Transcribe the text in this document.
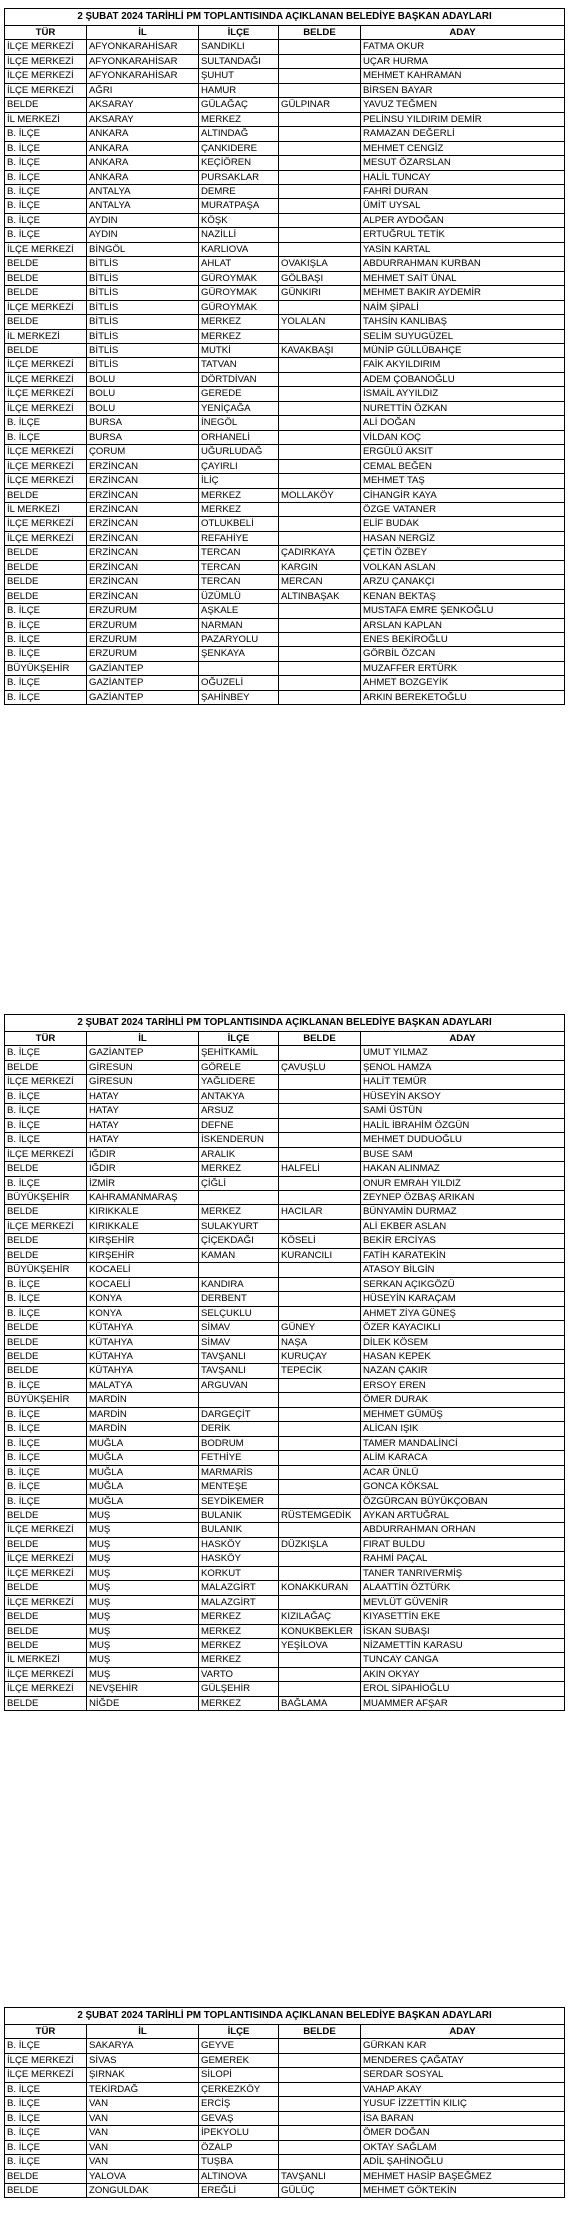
2 ŞUBAT 2024 TARİHLİ PM TOPLANTISINDA AÇIKLANAN BELEDİYE BAŞKAN ADAYLARI				
TÜR	İL	İLÇE	BELDE	ADAY
İLÇE MERKEZİ	AFYONKARAHİSAR	SANDIKLI		FATMA OKUR
İLÇE MERKEZİ	AFYONKARAHİSAR	SULTANDAĞI		UÇAR HURMA
İLÇE MERKEZİ	AFYONKARAHİSAR	ŞUHUT		MEHMET KAHRAMAN
İLÇE MERKEZİ	AĞRI	HAMUR		BİRSEN BAYAR
BELDE	AKSARAY	GÜLAĞAÇ	GÜLPINAR	YAVUZ TEĞMEN
İL MERKEZİ	AKSARAY	MERKEZ		PELİNSU YILDIRIM DEMİR
B. İLÇE	ANKARA	ALTINDAĞ		RAMAZAN DEĞERLİ
B. İLÇE	ANKARA	ÇANKIDERE		MEHMET CENGİZ
B. İLÇE	ANKARA	KEÇİÖREN		MESUT ÖZARSLAN
B. İLÇE	ANKARA	PURSAKLAR		HALİL TUNCAY
B. İLÇE	ANTALYA	DEMRE		FAHRİ DURAN
B. İLÇE	ANTALYA	MURATPAŞA		ÜMİT UYSAL
B. İLÇE	AYDIN	KÖŞK		ALPER AYDOĞAN
B. İLÇE	AYDIN	NAZİLLİ		ERTUĞRUL TETİK
İLÇE MERKEZİ	BİNGÖL	KARLIOVA		YASİN KARTAL
BELDE	BİTLİS	AHLAT	OVAKIŞLA	ABDURRAHMAN KURBAN
BELDE	BİTLİS	GÜROYMAK	GÖLBAŞI	MEHMET SAİT ÜNAL
BELDE	BİTLİS	GÜROYMAK	GÜNKIRI	MEHMET BAKIR AYDEMİR
İLÇE MERKEZİ	BİTLİS	GÜROYMAK		NAİM ŞİPALİ
BELDE	BİTLİS	MERKEZ	YOLALAN	TAHSİN KANLIBAŞ
İL MERKEZİ	BİTLİS	MERKEZ		SELİM SUYUGÜZEL
BELDE	BİTLİS	MUTKİ	KAVAKBAŞI	MÜNİP GÜLLÜBAHÇE
İLÇE MERKEZİ	BİTLİS	TATVAN		FAİK AKYILDIRIM
İLÇE MERKEZİ	BOLU	DÖRTDİVAN		ADEM ÇOBANOĞLU
İLÇE MERKEZİ	BOLU	GEREDE		İSMAİL AYYILDIZ
İLÇE MERKEZİ	BOLU	YENİÇAĞA		NURETTİN ÖZKAN
B. İLÇE	BURSA	İNEGÖL		ALİ DOĞAN
B. İLÇE	BURSA	ORHANELİ		VİLDAN KOÇ
İLÇE MERKEZİ	ÇORUM	UĞURLUDAĞ		ERGÜLÜ AKSIT
İLÇE MERKEZİ	ERZİNCAN	ÇAYIRLI		CEMAL BEĞEN
İLÇE MERKEZİ	ERZİNCAN	İLİÇ		MEHMET TAŞ
BELDE	ERZİNCAN	MERKEZ	MOLLAKÖY	CİHANGİR KAYA
İL MERKEZİ	ERZİNCAN	MERKEZ		ÖZGE VATANER
İLÇE MERKEZİ	ERZİNCAN	OTLUKBELİ		ELİF BUDAK
İLÇE MERKEZİ	ERZİNCAN	REFAHİYE		HASAN NERGİZ
BELDE	ERZİNCAN	TERCAN	ÇADIRKAYA	ÇETİN ÖZBEY
BELDE	ERZİNCAN	TERCAN	KARGIN	VOLKAN ASLAN
BELDE	ERZİNCAN	TERCAN	MERCAN	ARZU ÇANAKÇI
BELDE	ERZİNCAN	ÜZÜMLÜ	ALTINBAŞAK	KENAN BEKTAŞ
B. İLÇE	ERZURUM	AŞKALE		MUSTAFA EMRE ŞENKOĞLU
B. İLÇE	ERZURUM	NARMAN		ARSLAN KAPLAN
B. İLÇE	ERZURUM	PAZARYOLU		ENES BEKİROĞLU
B. İLÇE	ERZURUM	ŞENKAYA		GÖRBİL ÖZCAN
BÜYÜKŞEHİR	GAZİANTEP			MUZAFFER ERTÜRK
B. İLÇE	GAZİANTEP	OĞUZELİ		AHMET BOZGEYİK
B. İLÇE	GAZİANTEP	ŞAHİNBEY		ARKIN BEREKETOĞLU
2 ŞUBAT 2024 TARİHLİ PM TOPLANTISINDA AÇIKLANAN BELEDİYE BAŞKAN ADAYLARI				
TÜR	İL	İLÇE	BELDE	ADAY
B. İLÇE	GAZİANTEP	ŞEHİTKAMİL		UMUT YILMAZ
BELDE	GİRESUN	GÖRELE	ÇAVUŞLU	ŞENOL HAMZA
İLÇE MERKEZİ	GİRESUN	YAĞLIDERE		HALİT TEMÜR
B. İLÇE	HATAY	ANTAKYA		HÜSEYİN AKSOY
B. İLÇE	HATAY	ARSUZ		SAMİ ÜSTÜN
B. İLÇE	HATAY	DEFNE		HALİL İBRAHİM ÖZGÜN
B. İLÇE	HATAY	İSKENDERUN		MEHMET DUDUOĞLU
İLÇE MERKEZİ	IĞDIR	ARALIK		BUSE SAM
BELDE	IĞDIR	MERKEZ	HALFELİ	HAKAN ALINMAZ
B. İLÇE	İZMİR	ÇİĞLİ		ONUR EMRAH YILDIZ
BÜYÜKŞEHİR	KAHRAMANMARAŞ			ZEYNEP ÖZBAŞ ARIKAN
BELDE	KIRIKKALE	MERKEZ	HACILAR	BÜNYAMİN DURMAZ
İLÇE MERKEZİ	KIRIKKALE	SULAKYURT		ALİ EKBER ASLAN
BELDE	KIRŞEHİR	ÇİÇEKDAĞI	KÖSELİ	BEKİR ERCİYAS
BELDE	KIRŞEHİR	KAMAN	KURANCILI	FATİH KARATEKİN
BÜYÜKŞEHİR	KOCAELİ			ATASOY BİLGİN
B. İLÇE	KOCAELİ	KANDIRA		SERKAN AÇIKGÖZÜ
B. İLÇE	KONYA	DERBENT		HÜSEYİN KARAÇAM
B. İLÇE	KONYA	SELÇUKLU		AHMET ZİYA GÜNEŞ
BELDE	KÜTAHYA	SİMAV	GÜNEY	ÖZER KAYACIKLI
BELDE	KÜTAHYA	SİMAV	NAŞA	DİLEK KÖSEM
BELDE	KÜTAHYA	TAVŞANLI	KURUÇAY	HASAN KEPEK
BELDE	KÜTAHYA	TAVŞANLI	TEPECİK	NAZAN ÇAKIR
B. İLÇE	MALATYA	ARGUVAN		ERSOY EREN
BÜYÜKŞEHİR	MARDİN			ÖMER DURAK
B. İLÇE	MARDİN	DARGEÇİT		MEHMET GÜMÜŞ
B. İLÇE	MARDİN	DERİK		ALİCAN IŞIK
B. İLÇE	MUĞLA	BODRUM		TAMER MANDALİNCİ
B. İLÇE	MUĞLA	FETHİYE		ALİM KARACA
B. İLÇE	MUĞLA	MARMARİS		ACAR ÜNLÜ
B. İLÇE	MUĞLA	MENTEŞE		GONCA KÖKSAL
B. İLÇE	MUĞLA	SEYDİKEMER		ÖZGÜRCAN BÜYÜKÇOBAN
BELDE	MUŞ	BULANIK	RÜSTEMGEDİK	AYKAN ARTUĞRAL
İLÇE MERKEZİ	MUŞ	BULANIK		ABDURRAHMAN ORHAN
BELDE	MUŞ	HASKÖY	DÜZKIŞLA	FIRAT BULDU
İLÇE MERKEZİ	MUŞ	HASKÖY		RAHMİ PAÇAL
İLÇE MERKEZİ	MUŞ	KORKUT		TANER TANRIVERMİŞ
BELDE	MUŞ	MALAZGİRT	KONAKKURAN	ALAATTİN ÖZTÜRK
İLÇE MERKEZİ	MUŞ	MALAZGİRT		MEVLÜT GÜVENİR
BELDE	MUŞ	MERKEZ	KIZILAĞAÇ	KIYASETTİN EKE
BELDE	MUŞ	MERKEZ	KONUKBEKLER	İSKAN SUBAŞI
BELDE	MUŞ	MERKEZ	YEŞİLOVA	NİZAMETTİN KARASU
İL MERKEZİ	MUŞ	MERKEZ		TUNCAY CANGA
İLÇE MERKEZİ	MUŞ	VARTO		AKIN OKYAY
İLÇE MERKEZİ	NEVŞEHİR	GÜLŞEHİR		EROL SİPAHİOĞLU
BELDE	NİĞDE	MERKEZ	BAĞLAMA	MUAMMER AFŞAR
2 ŞUBAT 2024 TARİHLİ PM TOPLANTISINDA AÇIKLANAN BELEDİYE BAŞKAN ADAYLARI				
TÜR	İL	İLÇE	BELDE	ADAY
B. İLÇE	SAKARYA	GEYVE		GÜRKAN KAR
İLÇE MERKEZİ	SİVAS	GEMEREK		MENDERES ÇAĞATAY
İLÇE MERKEZİ	ŞIRNAK	SİLOPİ		SERDAR SOSYAL
B. İLÇE	TEKİRDAĞ	ÇERKEZKÖY		VAHAP AKAY
B. İLÇE	VAN	ERCİŞ		YUSUF İZZETTİN KILIÇ
B. İLÇE	VAN	GEVAŞ		İSA BARAN
B. İLÇE	VAN	İPEKYOLU		ÖMER DOĞAN
B. İLÇE	VAN	ÖZALP		OKTAY SAĞLAM
B. İLÇE	VAN	TUŞBA		ADİL ŞAHİNOĞLU
BELDE	YALOVA	ALTINOVA	TAVŞANLI	MEHMET HASİP BAŞEĞMEZ
BELDE	ZONGULDAK	EREĞLİ	GÜLÜÇ	MEHMET GÖKTEKİN
